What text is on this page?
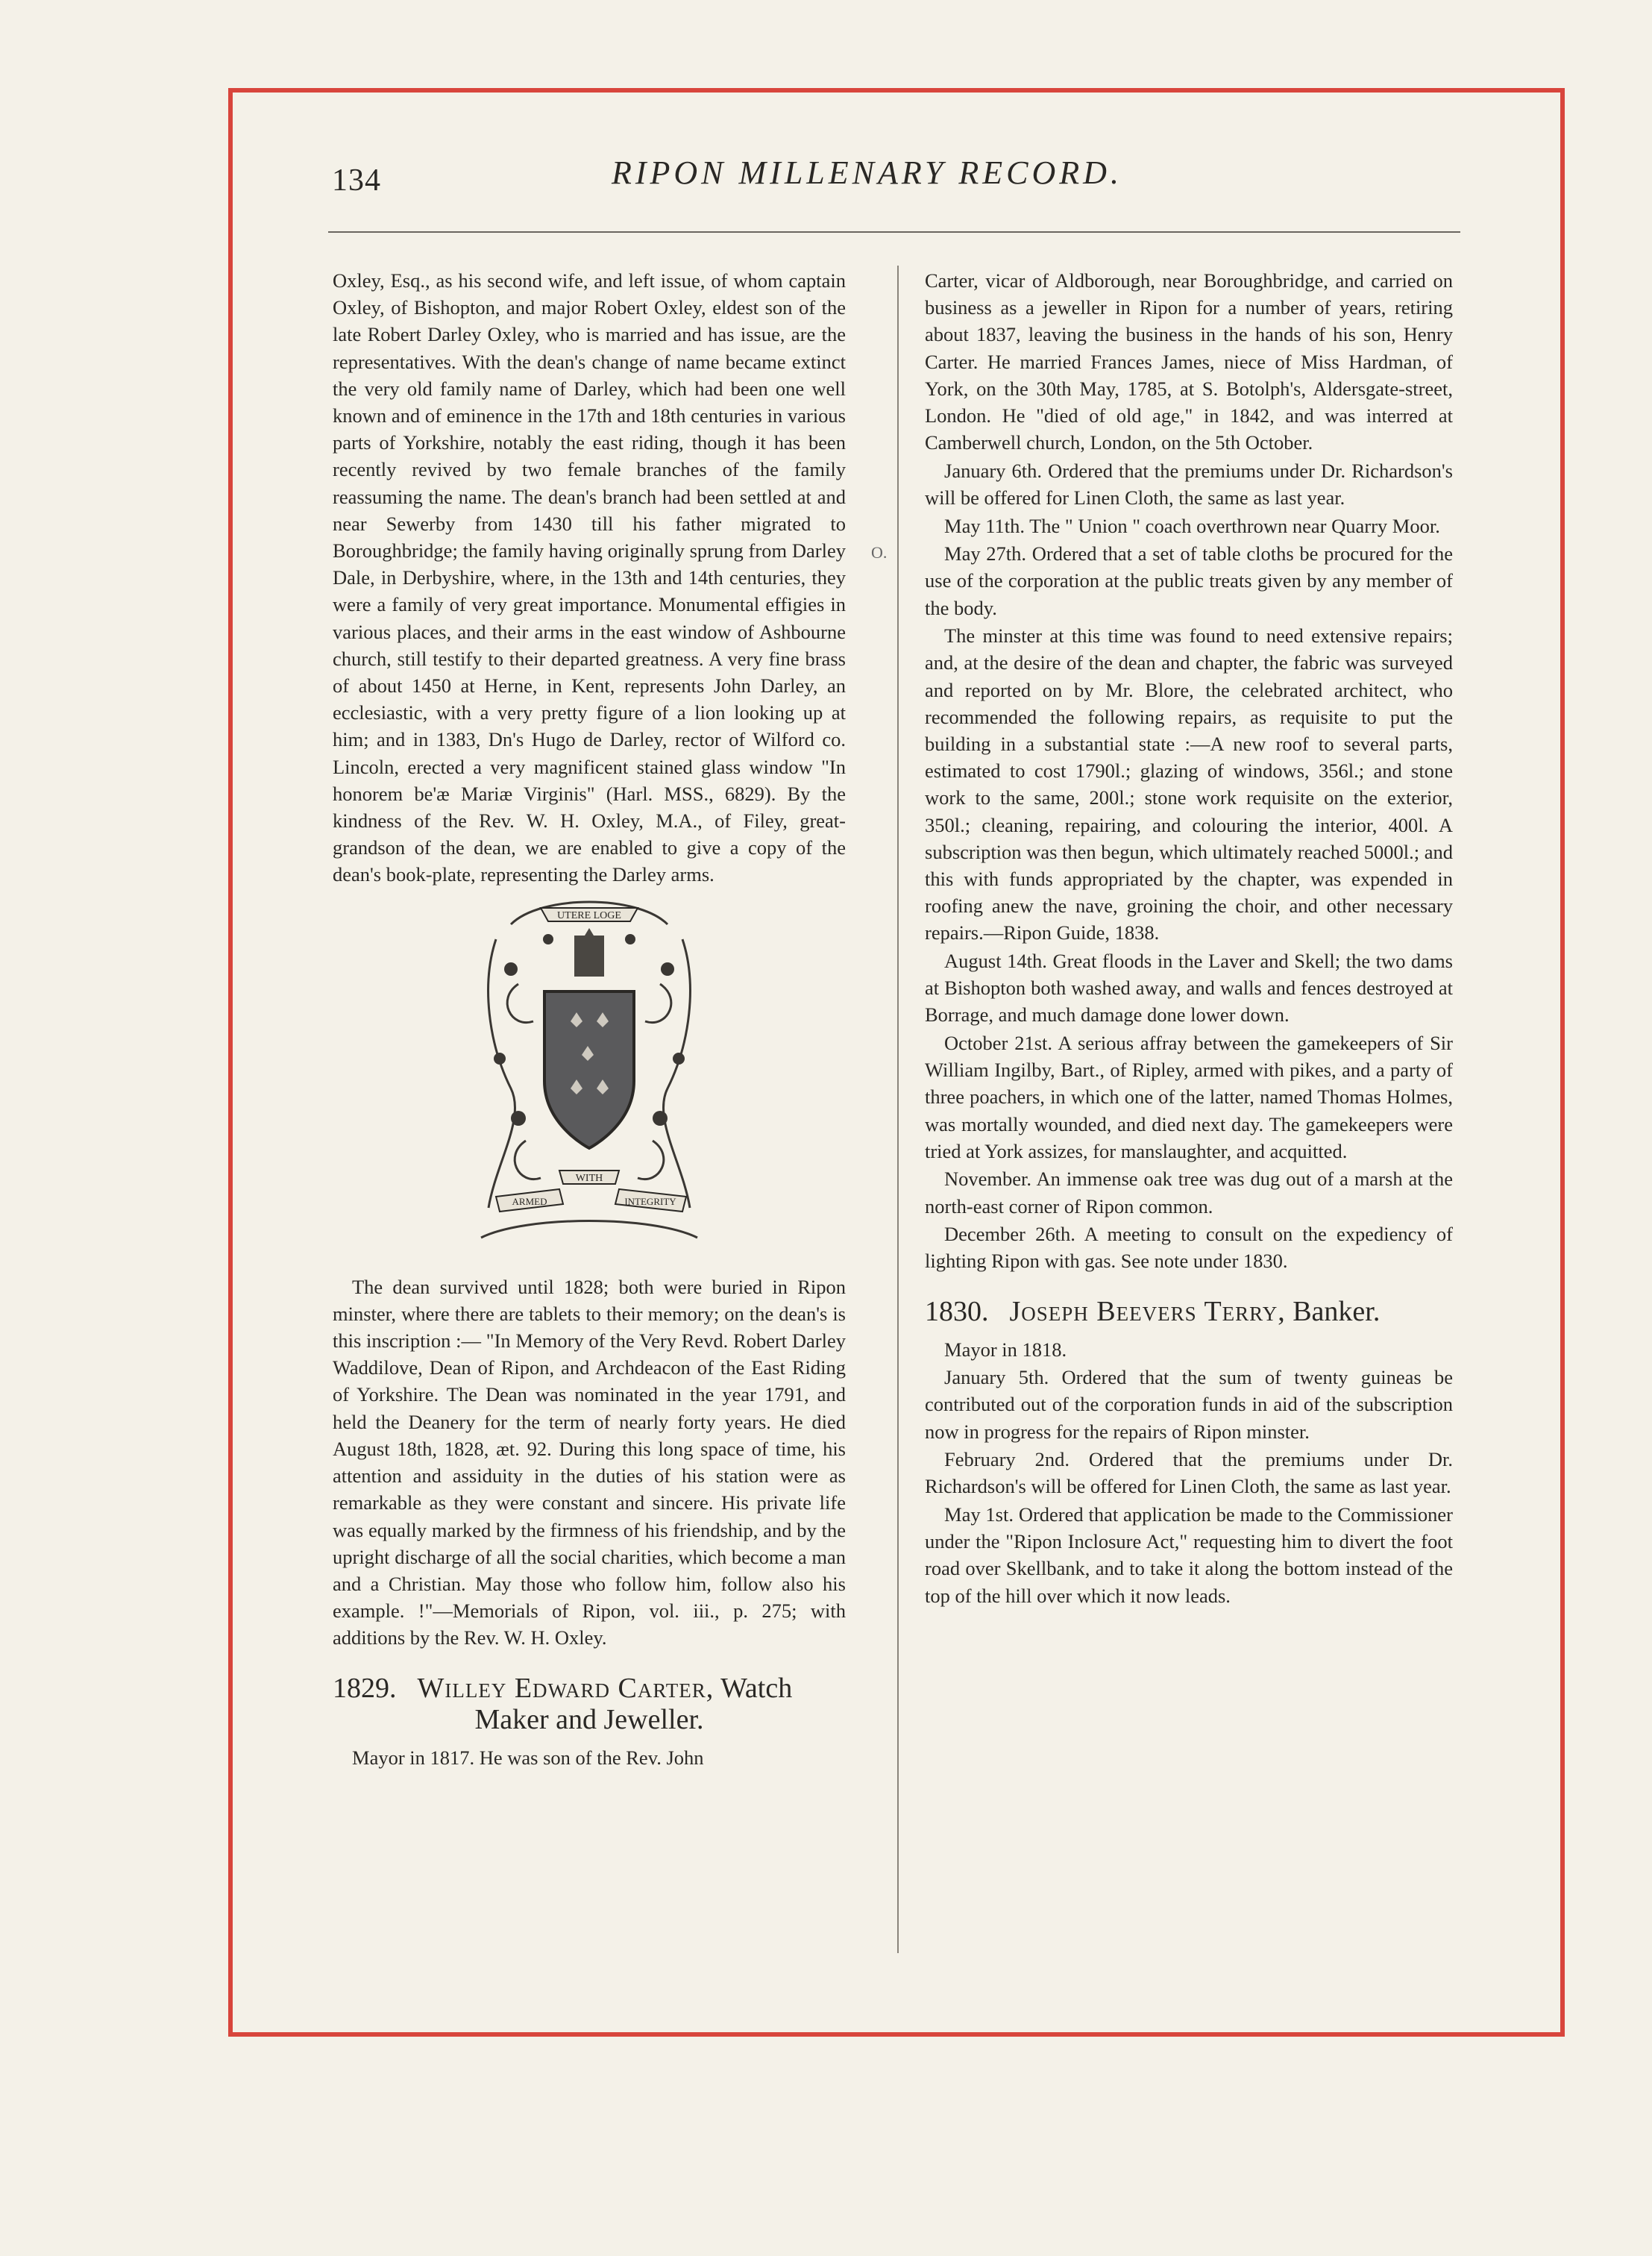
134	RIPON MILLENARY RECORD.
O.

Oxley, Esq., as his second wife, and left issue, of whom captain Oxley, of Bishopton, and major Robert Oxley, eldest son of the late Robert Darley Oxley, who is married and has issue, are the representatives. With the dean's change of name became extinct the very old family name of Darley, which had been one well known and of eminence in the 17th and 18th centuries in various parts of Yorkshire, notably the east riding, though it has been recently revived by two female branches of the family reassuming the name. The dean's branch had been settled at and near Sewerby from 1430 till his father migrated to Boroughbridge; the family having originally sprung from Darley Dale, in Derbyshire, where, in the 13th and 14th centuries, they were a family of very great importance. Monumental effigies in various places, and their arms in the east window of Ashbourne church, still testify to their departed greatness. A very fine brass of about 1450 at Herne, in Kent, represents John Darley, an ecclesiastic, with a very pretty figure of a lion looking up at him; and in 1383, Dn's Hugo de Darley, rector of Wilford co. Lincoln, erected a very magnificent stained glass window "In honorem be'æ Mariæ Virginis" (Harl. MSS., 6829). By the kindness of the Rev. W. H. Oxley, M.A., of Filey, great-grandson of the dean, we are enabled to give a copy of the dean's book-plate, representing the Darley arms.

UTERE LOGE
WITH
ARMED	INTEGRITY

The dean survived until 1828; both were buried in Ripon minster, where there are tablets to their memory; on the dean's is this inscription :— "In Memory of the Very Revd. Robert Darley Waddilove, Dean of Ripon, and Archdeacon of the East Riding of Yorkshire. The Dean was nominated in the year 1791, and held the Deanery for the term of nearly forty years. He died August 18th, 1828, æt. 92. During this long space of time, his attention and assiduity in the duties of his station were as remarkable as they were constant and sincere. His private life was equally marked by the firmness of his friendship, and by the upright discharge of all the social charities, which become a man and a Christian. May those who follow him, follow also his example. !"—Memorials of Ripon, vol. iii., p. 275; with additions by the Rev. W. H. Oxley.

1829. Willey Edward Carter, Watch
Maker and Jeweller.

Mayor in 1817. He was son of the Rev. John

Carter, vicar of Aldborough, near Boroughbridge, and carried on business as a jeweller in Ripon for a number of years, retiring about 1837, leaving the business in the hands of his son, Henry Carter. He married Frances James, niece of Miss Hardman, of York, on the 30th May, 1785, at S. Botolph's, Aldersgate-street, London. He "died of old age," in 1842, and was interred at Camberwell church, London, on the 5th October.

January 6th. Ordered that the premiums under Dr. Richardson's will be offered for Linen Cloth, the same as last year.

May 11th. The " Union " coach overthrown near Quarry Moor.

May 27th. Ordered that a set of table cloths be procured for the use of the corporation at the public treats given by any member of the body.

The minster at this time was found to need extensive repairs; and, at the desire of the dean and chapter, the fabric was surveyed and reported on by Mr. Blore, the celebrated architect, who recommended the following repairs, as requisite to put the building in a substantial state :—A new roof to several parts, estimated to cost 1790l.; glazing of windows, 356l.; and stone work to the same, 200l.; stone work requisite on the exterior, 350l.; cleaning, repairing, and colouring the interior, 400l. A subscription was then begun, which ultimately reached 5000l.; and this with funds appropriated by the chapter, was expended in roofing anew the nave, groining the choir, and other necessary repairs.—Ripon Guide, 1838.

August 14th. Great floods in the Laver and Skell; the two dams at Bishopton both washed away, and walls and fences destroyed at Borrage, and much damage done lower down.

October 21st. A serious affray between the gamekeepers of Sir William Ingilby, Bart., of Ripley, armed with pikes, and a party of three poachers, in which one of the latter, named Thomas Holmes, was mortally wounded, and died next day. The gamekeepers were tried at York assizes, for manslaughter, and acquitted.

November. An immense oak tree was dug out of a marsh at the north-east corner of Ripon common.

December 26th. A meeting to consult on the expediency of lighting Ripon with gas. See note under 1830.

1830. Joseph Beevers Terry, Banker.

Mayor in 1818.

January 5th. Ordered that the sum of twenty guineas be contributed out of the corporation funds in aid of the subscription now in progress for the repairs of Ripon minster.

February 2nd. Ordered that the premiums under Dr. Richardson's will be offered for Linen Cloth, the same as last year.

May 1st. Ordered that application be made to the Commissioner under the "Ripon Inclosure Act," requesting him to divert the foot road over Skellbank, and to take it along the bottom instead of the top of the hill over which it now leads.
